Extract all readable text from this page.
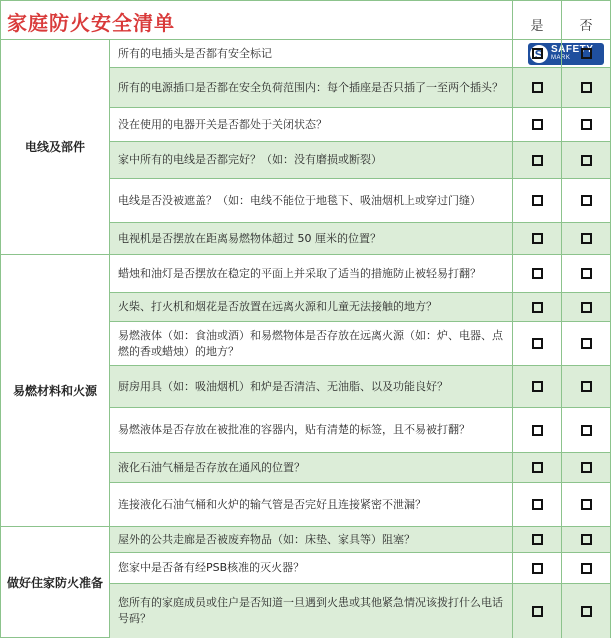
家庭防火安全清单	是	否
电线及部件
所有的电插头是否都有安全标记	S SAFETY
MARK
所有的电源插口是否都在安全负荷范围内：每个插座是否只插了一至两个插头？
没在使用的电器开关是否都处于关闭状态？
家中所有的电线是否都完好？（如：没有磨损或断裂）
电线是否没被遮盖？（如：电线不能位于地毯下、吸油烟机上或穿过门缝）
电视机是否摆放在距离易燃物体超过 50 厘米的位置？
易燃材料和火源
蜡烛和油灯是否摆放在稳定的平面上并采取了适当的措施防止被轻易打翻？
火柴、打火机和烟花是否放置在远离火源和儿童无法接触的地方？
易燃液体（如：食油或酒）和易燃物体是否存放在远离火源（如：炉、电器、点燃的香或蜡烛）的地方？
厨房用具（如：吸油烟机）和炉是否清洁、无油脂、以及功能良好？
易燃液体是否存放在被批准的容器内，贴有清楚的标签，且不易被打翻？
液化石油气桶是否存放在通风的位置？
连接液化石油气桶和火炉的输气管是否完好且连接紧密不泄漏？
做好住家防火准备
屋外的公共走廊是否被废弃物品（如：床垫、家具等）阻塞？
您家中是否备有经PSB核准的灭火器？
您所有的家庭成员或住户是否知道一旦遇到火患或其他紧急情况该拨打什么电话号码？
